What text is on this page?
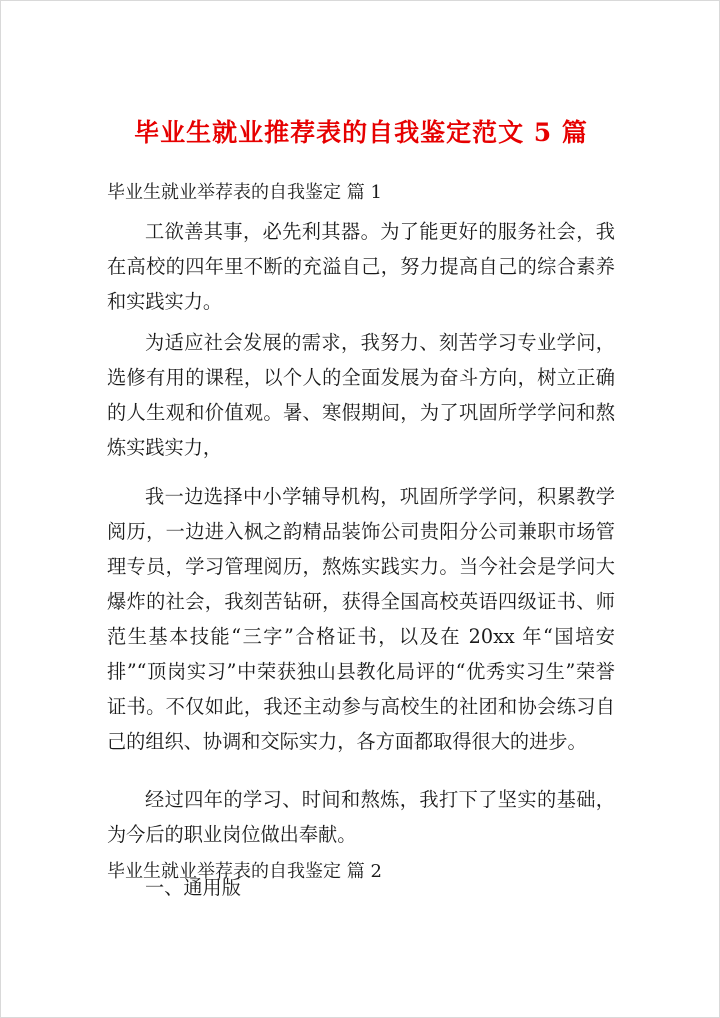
毕业生就业推荐表的自我鉴定范文 5 篇
毕业生就业举荐表的自我鉴定 篇 1

工欲善其事，必先利其器。为了能更好的服务社会，我在高校的四年里不断的充溢自己，努力提高自己的综合素养和实践实力。

为适应社会发展的需求，我努力、刻苦学习专业学问，选修有用的课程，以个人的全面发展为奋斗方向，树立正确的人生观和价值观。暑、寒假期间，为了巩固所学学问和熬炼实践实力，

我一边选择中小学辅导机构，巩固所学学问，积累教学阅历，一边进入枫之韵精品装饰公司贵阳分公司兼职市场管理专员，学习管理阅历，熬炼实践实力。当今社会是学问大爆炸的社会，我刻苦钻研，获得全国高校英语四级证书、师范生基本技能“三字”合格证书，以及在 20xx 年“国培安排”“顶岗实习”中荣获独山县教化局评的“优秀实习生”荣誉证书。不仅如此，我还主动参与高校生的社团和协会练习自己的组织、协调和交际实力，各方面都取得很大的进步。

经过四年的学习、时间和熬炼，我打下了坚实的基础，为今后的职业岗位做出奉献。

毕业生就业举荐表的自我鉴定 篇 2

一、通用版
